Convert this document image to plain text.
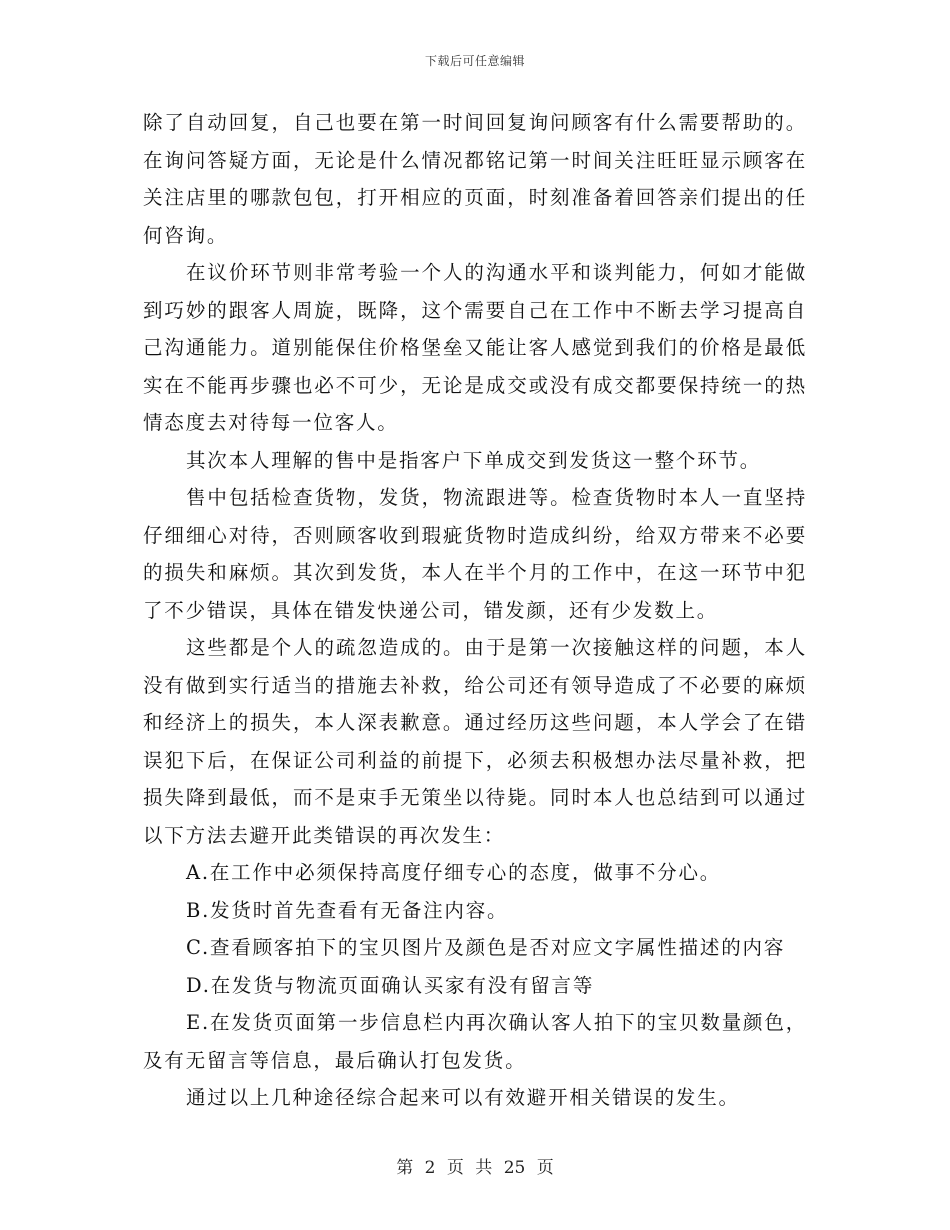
下载后可任意编辑

除了自动回复，自己也要在第一时间回复询问顾客有什么需要帮助的。在询问答疑方面，无论是什么情况都铭记第一时间关注旺旺显示顾客在关注店里的哪款包包，打开相应的页面，时刻准备着回答亲们提出的任何咨询。

在议价环节则非常考验一个人的沟通水平和谈判能力，何如才能做到巧妙的跟客人周旋，既降，这个需要自己在工作中不断去学习提高自己沟通能力。道别能保住价格堡垒又能让客人感觉到我们的价格是最低实在不能再步骤也必不可少，无论是成交或没有成交都要保持统一的热情态度去对待每一位客人。

其次本人理解的售中是指客户下单成交到发货这一整个环节。

售中包括检查货物，发货，物流跟进等。检查货物时本人一直坚持仔细细心对待，否则顾客收到瑕疵货物时造成纠纷，给双方带来不必要的损失和麻烦。其次到发货，本人在半个月的工作中，在这一环节中犯了不少错误，具体在错发快递公司，错发颜，还有少发数上。

这些都是个人的疏忽造成的。由于是第一次接触这样的问题，本人没有做到实行适当的措施去补救，给公司还有领导造成了不必要的麻烦和经济上的损失，本人深表歉意。通过经历这些问题，本人学会了在错误犯下后，在保证公司利益的前提下，必须去积极想办法尽量补救，把损失降到最低，而不是束手无策坐以待毙。同时本人也总结到可以通过以下方法去避开此类错误的再次发生：

A.在工作中必须保持高度仔细专心的态度，做事不分心。

B.发货时首先查看有无备注内容。

C.查看顾客拍下的宝贝图片及颜色是否对应文字属性描述的内容

D.在发货与物流页面确认买家有没有留言等

E.在发货页面第一步信息栏内再次确认客人拍下的宝贝数量颜色，及有无留言等信息，最后确认打包发货。

通过以上几种途径综合起来可以有效避开相关错误的发生。

第 2 页 共 25 页
